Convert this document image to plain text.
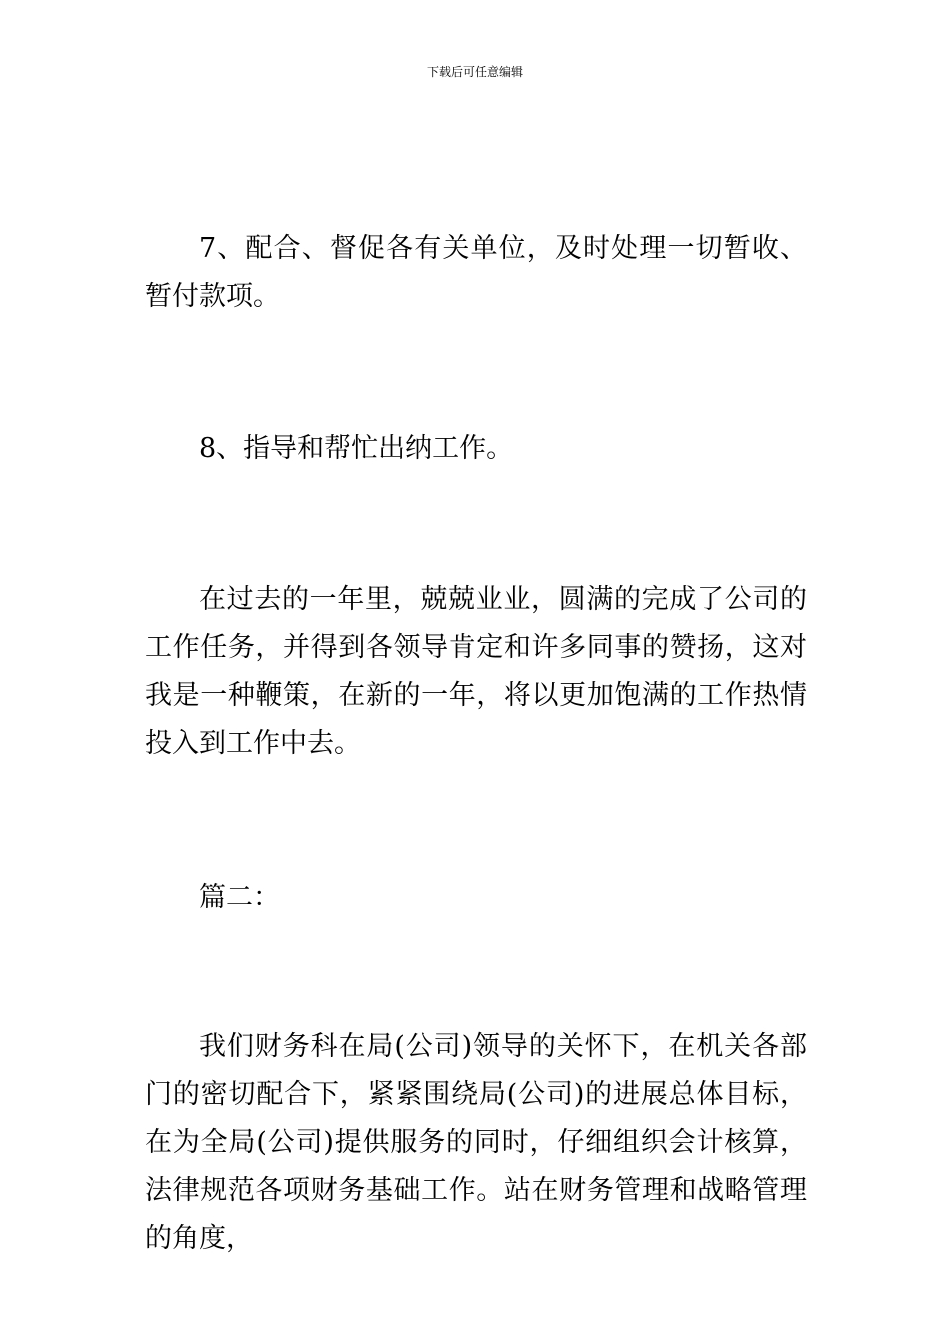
下载后可任意编辑

7、配合、督促各有关单位，及时处理一切暂收、暂付款项。

8、指导和帮忙出纳工作。

在过去的一年里，兢兢业业，圆满的完成了公司的工作任务，并得到各领导肯定和许多同事的赞扬，这对我是一种鞭策，在新的一年，将以更加饱满的工作热情投入到工作中去。

篇二：

我们财务科在局(公司)领导的关怀下，在机关各部门的密切配合下，紧紧围绕局(公司)的进展总体目标，在为全局(公司)提供服务的同时，仔细组织会计核算，法律规范各项财务基础工作。站在财务管理和战略管理的角度，
